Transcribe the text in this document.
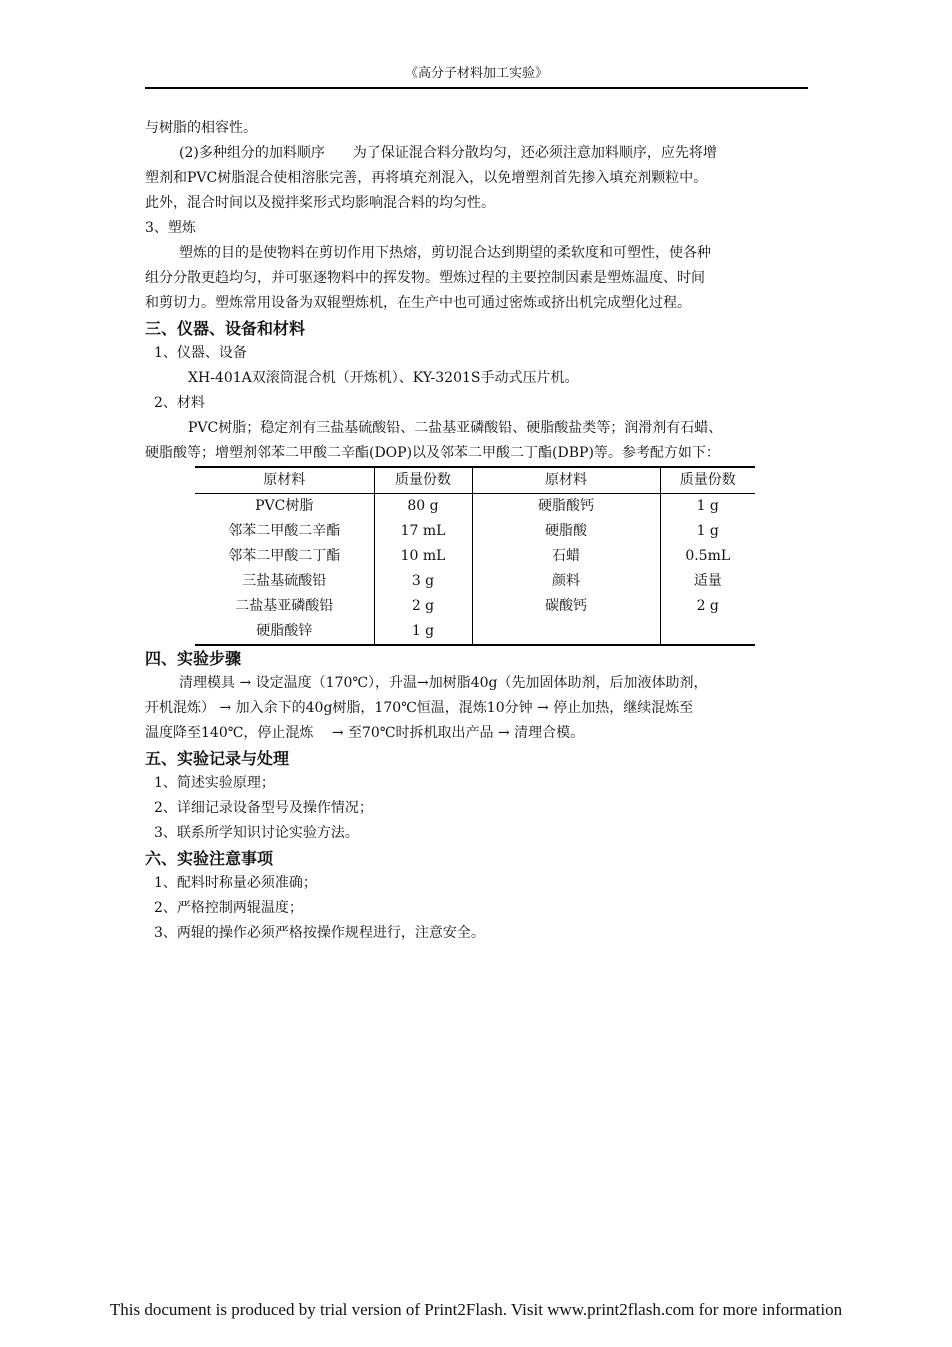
《高分子材料加工实验》
与树脂的相容性。
(2)多种组分的加料顺序　　为了保证混合料分散均匀，还必须注意加料顺序，应先将增
塑剂和PVC树脂混合使相溶胀完善，再将填充剂混入，以免增塑剂首先掺入填充剂颗粒中。
此外，混合时间以及搅拌桨形式均影响混合料的均匀性。
3、塑炼
塑炼的目的是使物料在剪切作用下热熔，剪切混合达到期望的柔软度和可塑性，使各种
组分分散更趋均匀，并可驱逐物料中的挥发物。塑炼过程的主要控制因素是塑炼温度、时间
和剪切力。塑炼常用设备为双辊塑炼机，在生产中也可通过密炼或挤出机完成塑化过程。
三、仪器、设备和材料
1、仪器、设备
XH-401A双滚筒混合机（开炼机）、KY-3201S手动式压片机。
2、材料
PVC树脂；稳定剂有三盐基硫酸铅、二盐基亚磷酸铅、硬脂酸盐类等；润滑剂有石蜡、
硬脂酸等；增塑剂邻苯二甲酸二辛酯(DOP)以及邻苯二甲酸二丁酯(DBP)等。参考配方如下：
原材料	质量份数	原材料	质量份数
PVC树脂	80 g	硬脂酸钙	1 g
邻苯二甲酸二辛酯	17 mL	硬脂酸	1 g
邻苯二甲酸二丁酯	10 mL	石蜡	0.5mL
三盐基硫酸铅	3 g	颜料	适量
二盐基亚磷酸铅	2 g	碳酸钙	2 g
硬脂酸锌	1 g		
四、实验步骤
清理模具 → 设定温度（170℃），升温→加树脂40g（先加固体助剂，后加液体助剂，
开机混炼） → 加入余下的40g树脂，170℃恒温，混炼10分钟 → 停止加热，继续混炼至
温度降至140℃，停止混炼　 → 至70℃时拆机取出产品 → 清理合模。
五、实验记录与处理
1、简述实验原理；
2、详细记录设备型号及操作情况；
3、联系所学知识讨论实验方法。
六、实验注意事项
1、配料时称量必须准确；
2、严格控制两辊温度；
3、两辊的操作必须严格按操作规程进行，注意安全。
This document is produced by trial version of Print2Flash. Visit www.print2flash.com for more information
